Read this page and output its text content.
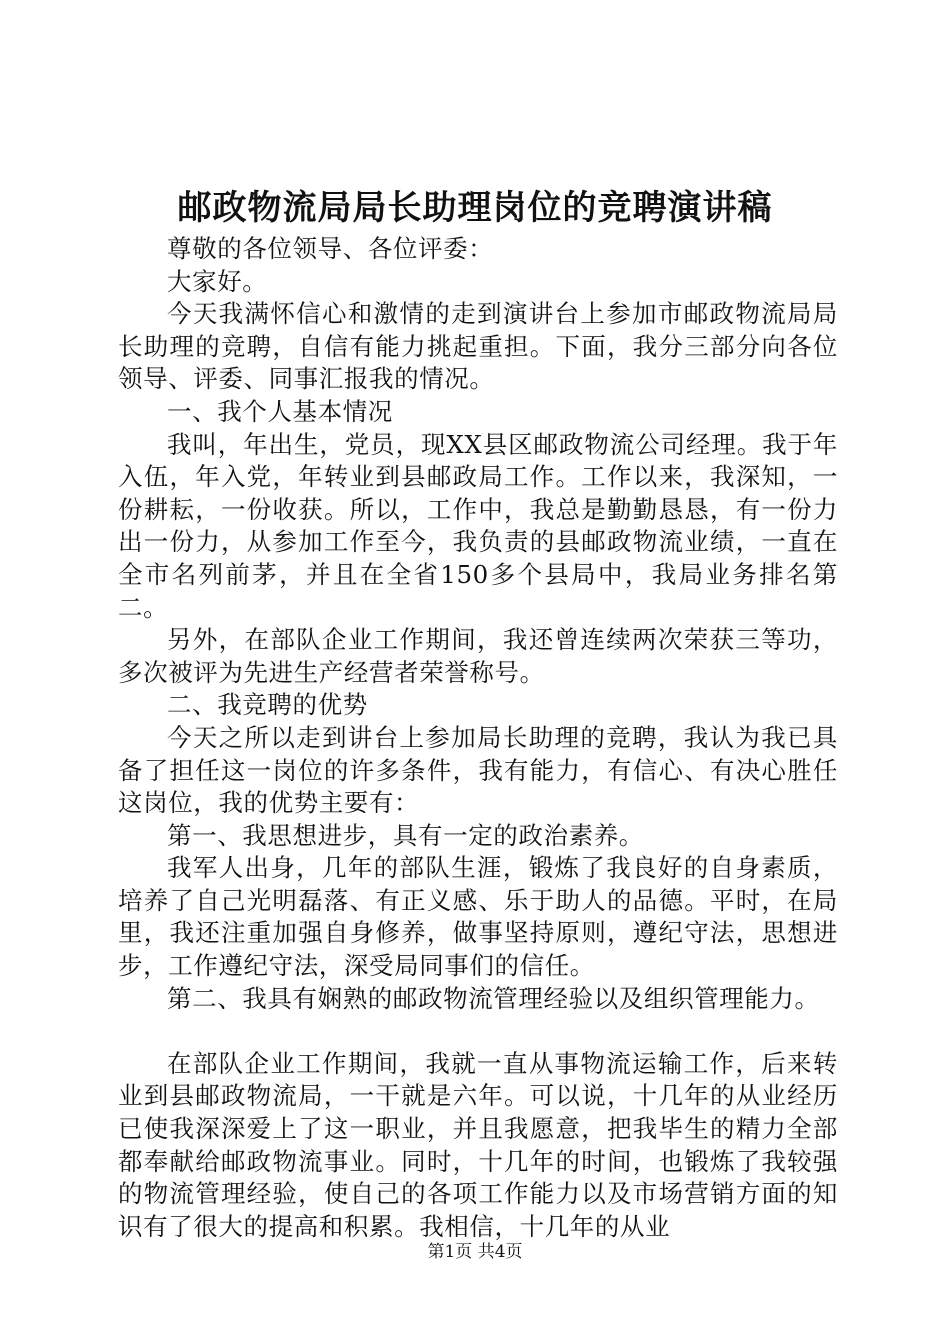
邮政物流局局长助理岗位的竞聘演讲稿

尊敬的各位领导、各位评委：

大家好。

今天我满怀信心和激情的走到演讲台上参加市邮政物流局局长助理的竞聘，自信有能力挑起重担。下面，我分三部分向各位领导、评委、同事汇报我的情况。

一、我个人基本情况

我叫，年出生，党员，现XX县区邮政物流公司经理。我于年入伍，年入党，年转业到县邮政局工作。工作以来，我深知，一份耕耘，一份收获。所以，工作中，我总是勤勤恳恳，有一份力出一份力，从参加工作至今，我负责的县邮政物流业绩，一直在全市名列前茅，并且在全省150多个县局中，我局业务排名第二。

另外，在部队企业工作期间，我还曾连续两次荣获三等功，多次被评为先进生产经营者荣誉称号。

二、我竞聘的优势

今天之所以走到讲台上参加局长助理的竞聘，我认为我已具备了担任这一岗位的许多条件，我有能力，有信心、有决心胜任这岗位，我的优势主要有：

第一、我思想进步，具有一定的政治素养。

我军人出身，几年的部队生涯，锻炼了我良好的自身素质，培养了自己光明磊落、有正义感、乐于助人的品德。平时，在局里，我还注重加强自身修养，做事坚持原则，遵纪守法，思想进步，工作遵纪守法，深受局同事们的信任。

第二、我具有娴熟的邮政物流管理经验以及组织管理能力。

在部队企业工作期间，我就一直从事物流运输工作，后来转业到县邮政物流局，一干就是六年。可以说，十几年的从业经历已使我深深爱上了这一职业，并且我愿意，把我毕生的精力全部都奉献给邮政物流事业。同时，十几年的时间，也锻炼了我较强的物流管理经验，使自己的各项工作能力以及市场营销方面的知识有了很大的提高和积累。我相信，十几年的从业

第1页 共4页
